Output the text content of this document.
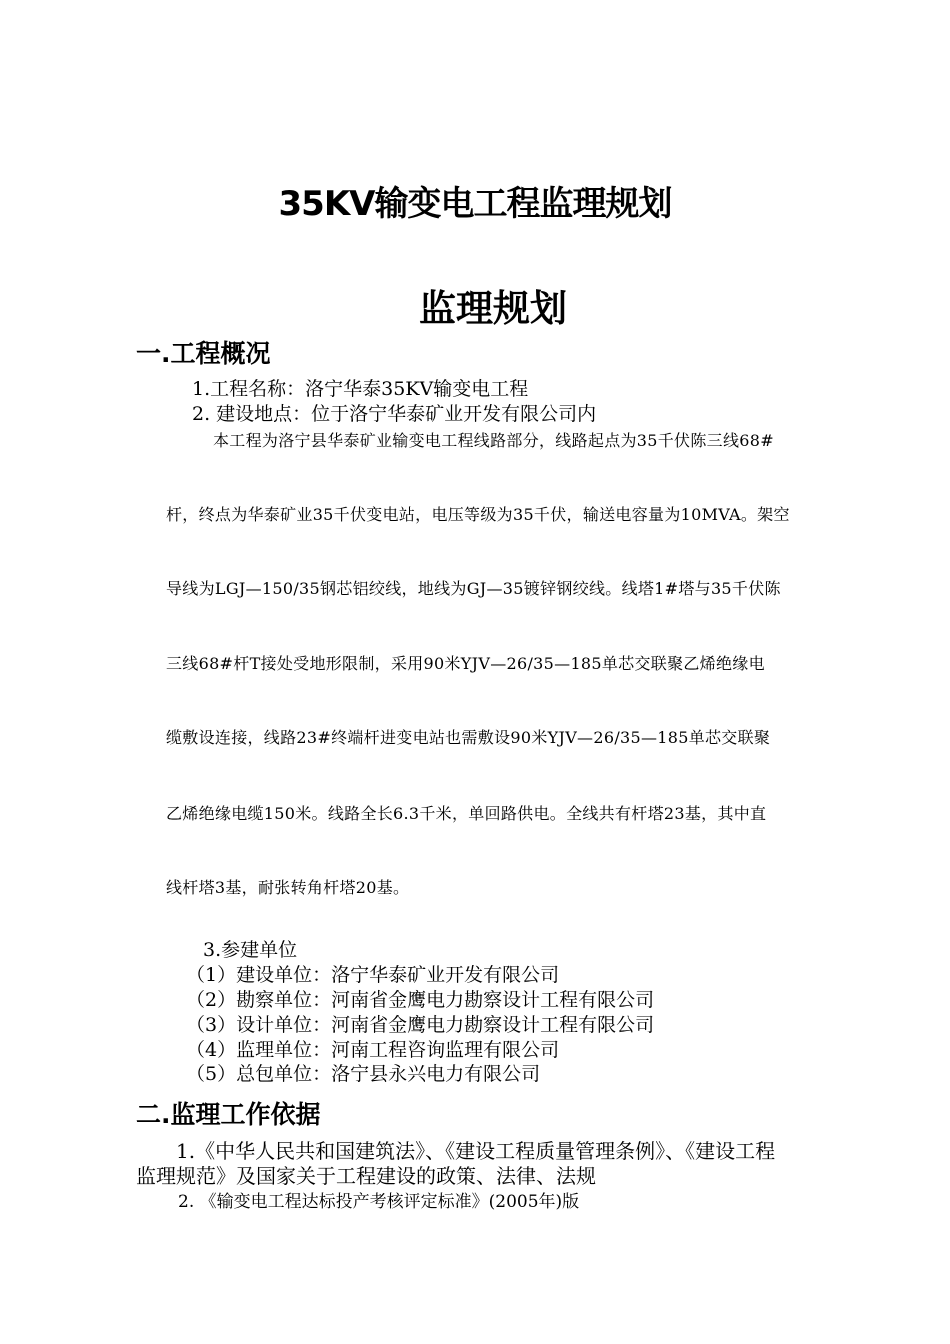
35KV输变电工程监理规划
监理规划
一.工程概况
1.工程名称：洛宁华泰35KV输变电工程
2. 建设地点：位于洛宁华泰矿业开发有限公司内
本工程为洛宁县华泰矿业输变电工程线路部分，线路起点为35千伏陈三线68#
杆，终点为华泰矿业35千伏变电站，电压等级为35千伏，输送电容量为10MVA。架空
导线为LGJ—150/35钢芯铝绞线，地线为GJ—35镀锌钢绞线。线塔1#塔与35千伏陈
三线68#杆T接处受地形限制，采用90米YJV—26/35—185单芯交联聚乙烯绝缘电
缆敷设连接，线路23#终端杆进变电站也需敷设90米YJV—26/35—185单芯交联聚
乙烯绝缘电缆150米。线路全长6.3千米，单回路供电。全线共有杆塔23基，其中直
线杆塔3基，耐张转角杆塔20基。
3.参建单位
（1）建设单位：洛宁华泰矿业开发有限公司
（2）勘察单位：河南省金鹰电力勘察设计工程有限公司
（3）设计单位：河南省金鹰电力勘察设计工程有限公司
（4）监理单位：河南工程咨询监理有限公司
（5）总包单位：洛宁县永兴电力有限公司
二.监理工作依据
1.《中华人民共和国建筑法》、《建设工程质量管理条例》、《建设工程
监理规范》及国家关于工程建设的政策、法律、法规
2. 《输变电工程达标投产考核评定标准》(2005年)版
